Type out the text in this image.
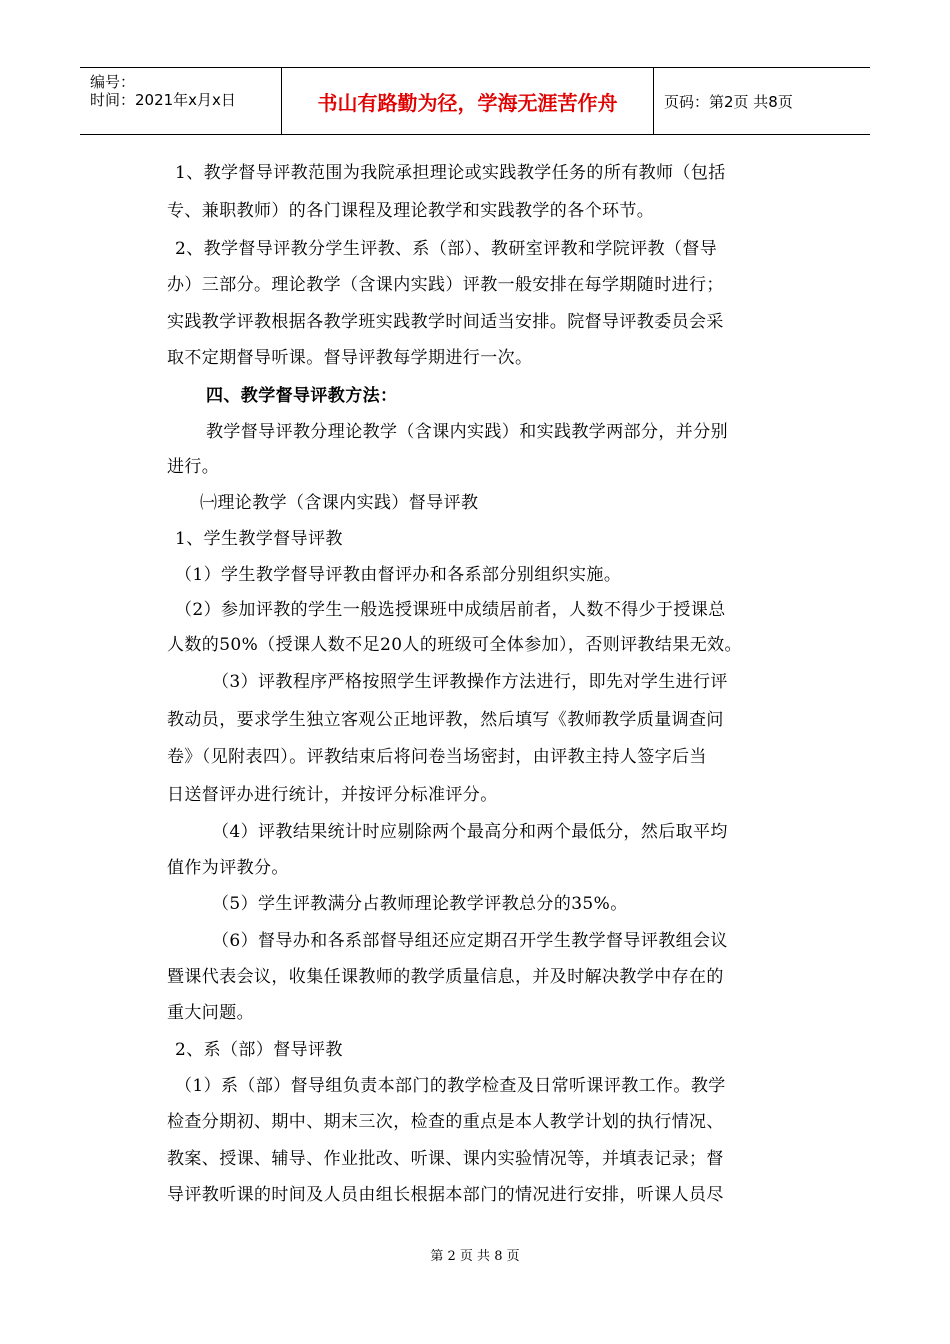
编号：
时间：2021年x月x日	书山有路勤为径，学海无涯苦作舟	页码：第2页 共8页
1、教学督导评教范围为我院承担理论或实践教学任务的所有教师（包括
专、兼职教师）的各门课程及理论教学和实践教学的各个环节。
2、教学督导评教分学生评教、系（部）、教研室评教和学院评教（督导
办）三部分。理论教学（含课内实践）评教一般安排在每学期随时进行；
实践教学评教根据各教学班实践教学时间适当安排。院督导评教委员会采
取不定期督导听课。督导评教每学期进行一次。
四、教学督导评教方法：
教学督导评教分理论教学（含课内实践）和实践教学两部分，并分别
进行。
㈠理论教学（含课内实践）督导评教
1、学生教学督导评教
（1）学生教学督导评教由督评办和各系部分别组织实施。
（2）参加评教的学生一般选授课班中成绩居前者，人数不得少于授课总
人数的50%（授课人数不足20人的班级可全体参加），否则评教结果无效。
（3）评教程序严格按照学生评教操作方法进行，即先对学生进行评
教动员，要求学生独立客观公正地评教，然后填写《教师教学质量调查问
卷》（见附表四）。评教结束后将问卷当场密封，由评教主持人签字后当
日送督评办进行统计，并按评分标准评分。
（4）评教结果统计时应剔除两个最高分和两个最低分，然后取平均
值作为评教分。
（5）学生评教满分占教师理论教学评教总分的35%。
（6）督导办和各系部督导组还应定期召开学生教学督导评教组会议
暨课代表会议，收集任课教师的教学质量信息，并及时解决教学中存在的
重大问题。
2、系（部）督导评教
（1）系（部）督导组负责本部门的教学检查及日常听课评教工作。教学
检查分期初、期中、期末三次，检查的重点是本人教学计划的执行情况、
教案、授课、辅导、作业批改、听课、课内实验情况等，并填表记录；督
导评教听课的时间及人员由组长根据本部门的情况进行安排，听课人员尽
第 2 页 共 8 页
